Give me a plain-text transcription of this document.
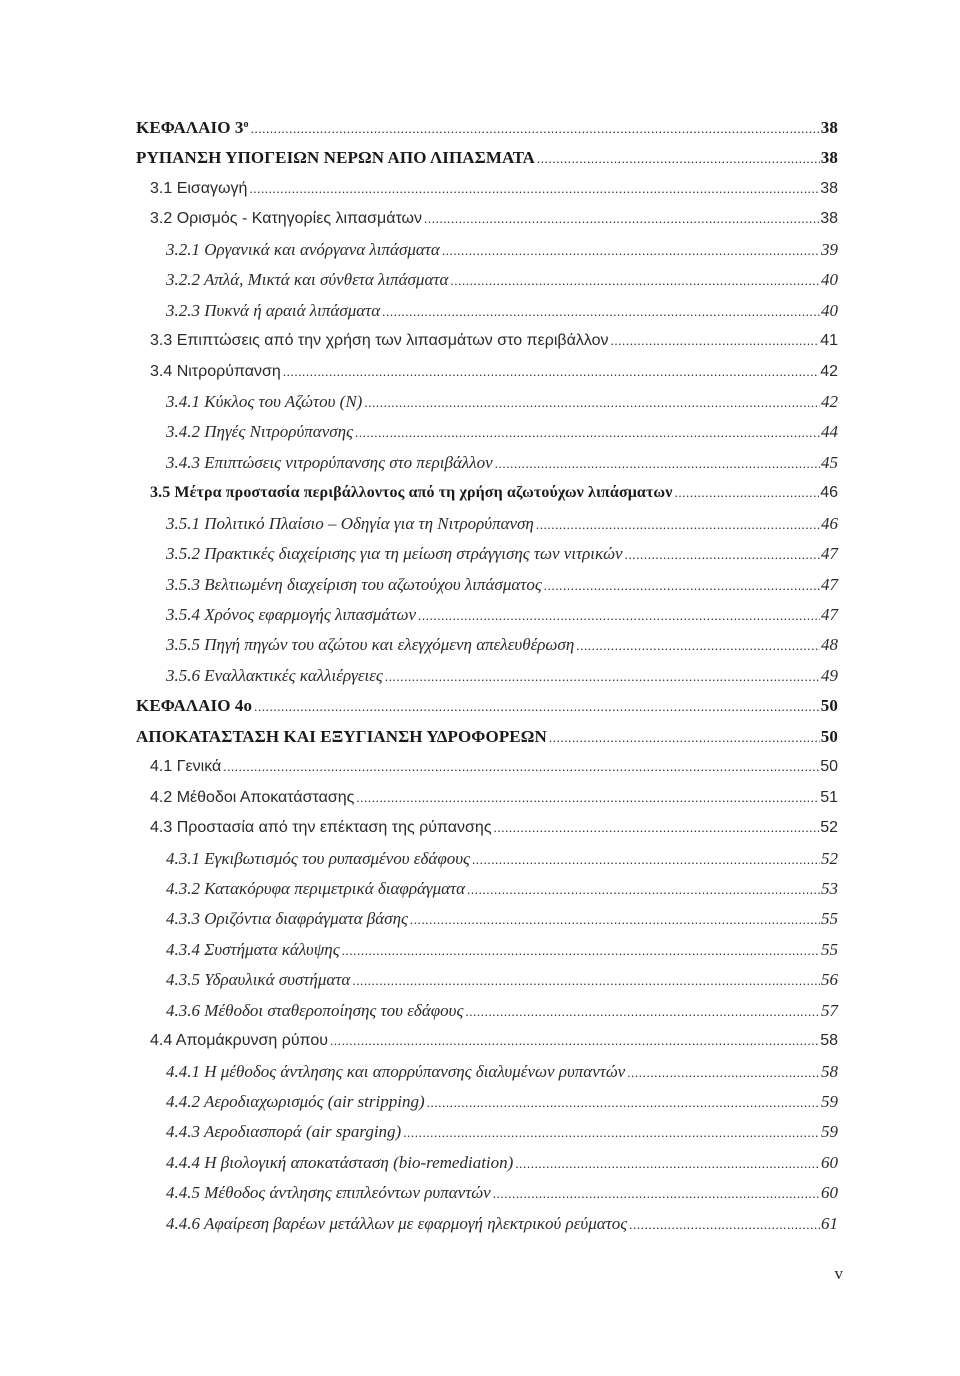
ΚΕΦΑΛΑΙΟ $3^o$ .....	38
ΡΥΠΑΝΣΗ ΥΠΟΓΕΙΩΝ ΝΕΡΩΝ ΑΠΟ ΛΙΠΑΣΜΑΤΑ .....	38
3.1 Εισαγωγή .....	38
3.2 Ορισμός - Κατηγορίες λιπασμάτων .....	38
3.2.1 Οργανικά και ανόργανα λιπάσματα .....	39
3.2.2 Απλά, Μικτά και σύνθετα λιπάσματα .....	40
3.2.3 Πυκνά ή αραιά λιπάσματα .....	40
3.3 Επιπτώσεις από την χρήση των λιπασμάτων στο περιβάλλον .....	41
3.4 Νιτρορύπανση .....	42
3.4.1 Κύκλος του Αζώτου (N) .....	42
3.4.2 Πηγές Νιτρορύπανσης .....	44
3.4.3 Επιπτώσεις νιτρορύπανσης στο περιβάλλον .....	45
3.5 Μέτρα προστασία περιβάλλοντος από τη χρήση αζωτούχων λιπάσματων .....	46
3.5.1 Πολιτικό Πλαίσιο – Οδηγία για τη Νιτρορύπανση .....	46
3.5.2 Πρακτικές διαχείρισης για τη μείωση στράγγισης των νιτρικών .....	47
3.5.3 Βελτιωμένη διαχείριση του αζωτούχου λιπάσματος .....	47
3.5.4 Χρόνος εφαρμογής λιπασμάτων .....	47
3.5.5 Πηγή πηγών του αζώτου και ελεγχόμενη απελευθέρωση .....	48
3.5.6 Εναλλακτικές καλλιέργειες .....	49
ΚΕΦΑΛΑΙΟ 4ο .....	50
ΑΠΟΚΑΤΑΣΤΑΣΗ ΚΑΙ ΕΞΥΓΙΑΝΣΗ ΥΔΡΟΦΟΡΕΩΝ .....	50
4.1 Γενικά .....	50
4.2 Μέθοδοι Αποκατάστασης .....	51
4.3 Προστασία από την επέκταση της ρύπανσης .....	52
4.3.1 Εγκιβωτισμός του ρυπασμένου εδάφους .....	52
4.3.2 Κατακόρυφα περιμετρικά διαφράγματα .....	53
4.3.3 Οριζόντια διαφράγματα βάσης .....	55
4.3.4 Συστήματα κάλυψης .....	55
4.3.5 Υδραυλικά συστήματα .....	56
4.3.6 Μέθοδοι σταθεροποίησης του εδάφους .....	57
4.4 Απομάκρυνση ρύπου .....	58
4.4.1 Η μέθοδος άντλησης και απορρύπανσης διαλυμένων ρυπαντών .....	58
4.4.2 Αεροδιαχωρισμός (air stripping) .....	59
4.4.3 Αεροδιασπορά (air sparging) .....	59
4.4.4 Η βιολογική αποκατάσταση (bio-remediation) .....	60
4.4.5 Μέθοδος άντλησης επιπλεόντων ρυπαντών .....	60
4.4.6 Αφαίρεση βαρέων μετάλλων με εφαρμογή ηλεκτρικού ρεύματος .....	61
v
